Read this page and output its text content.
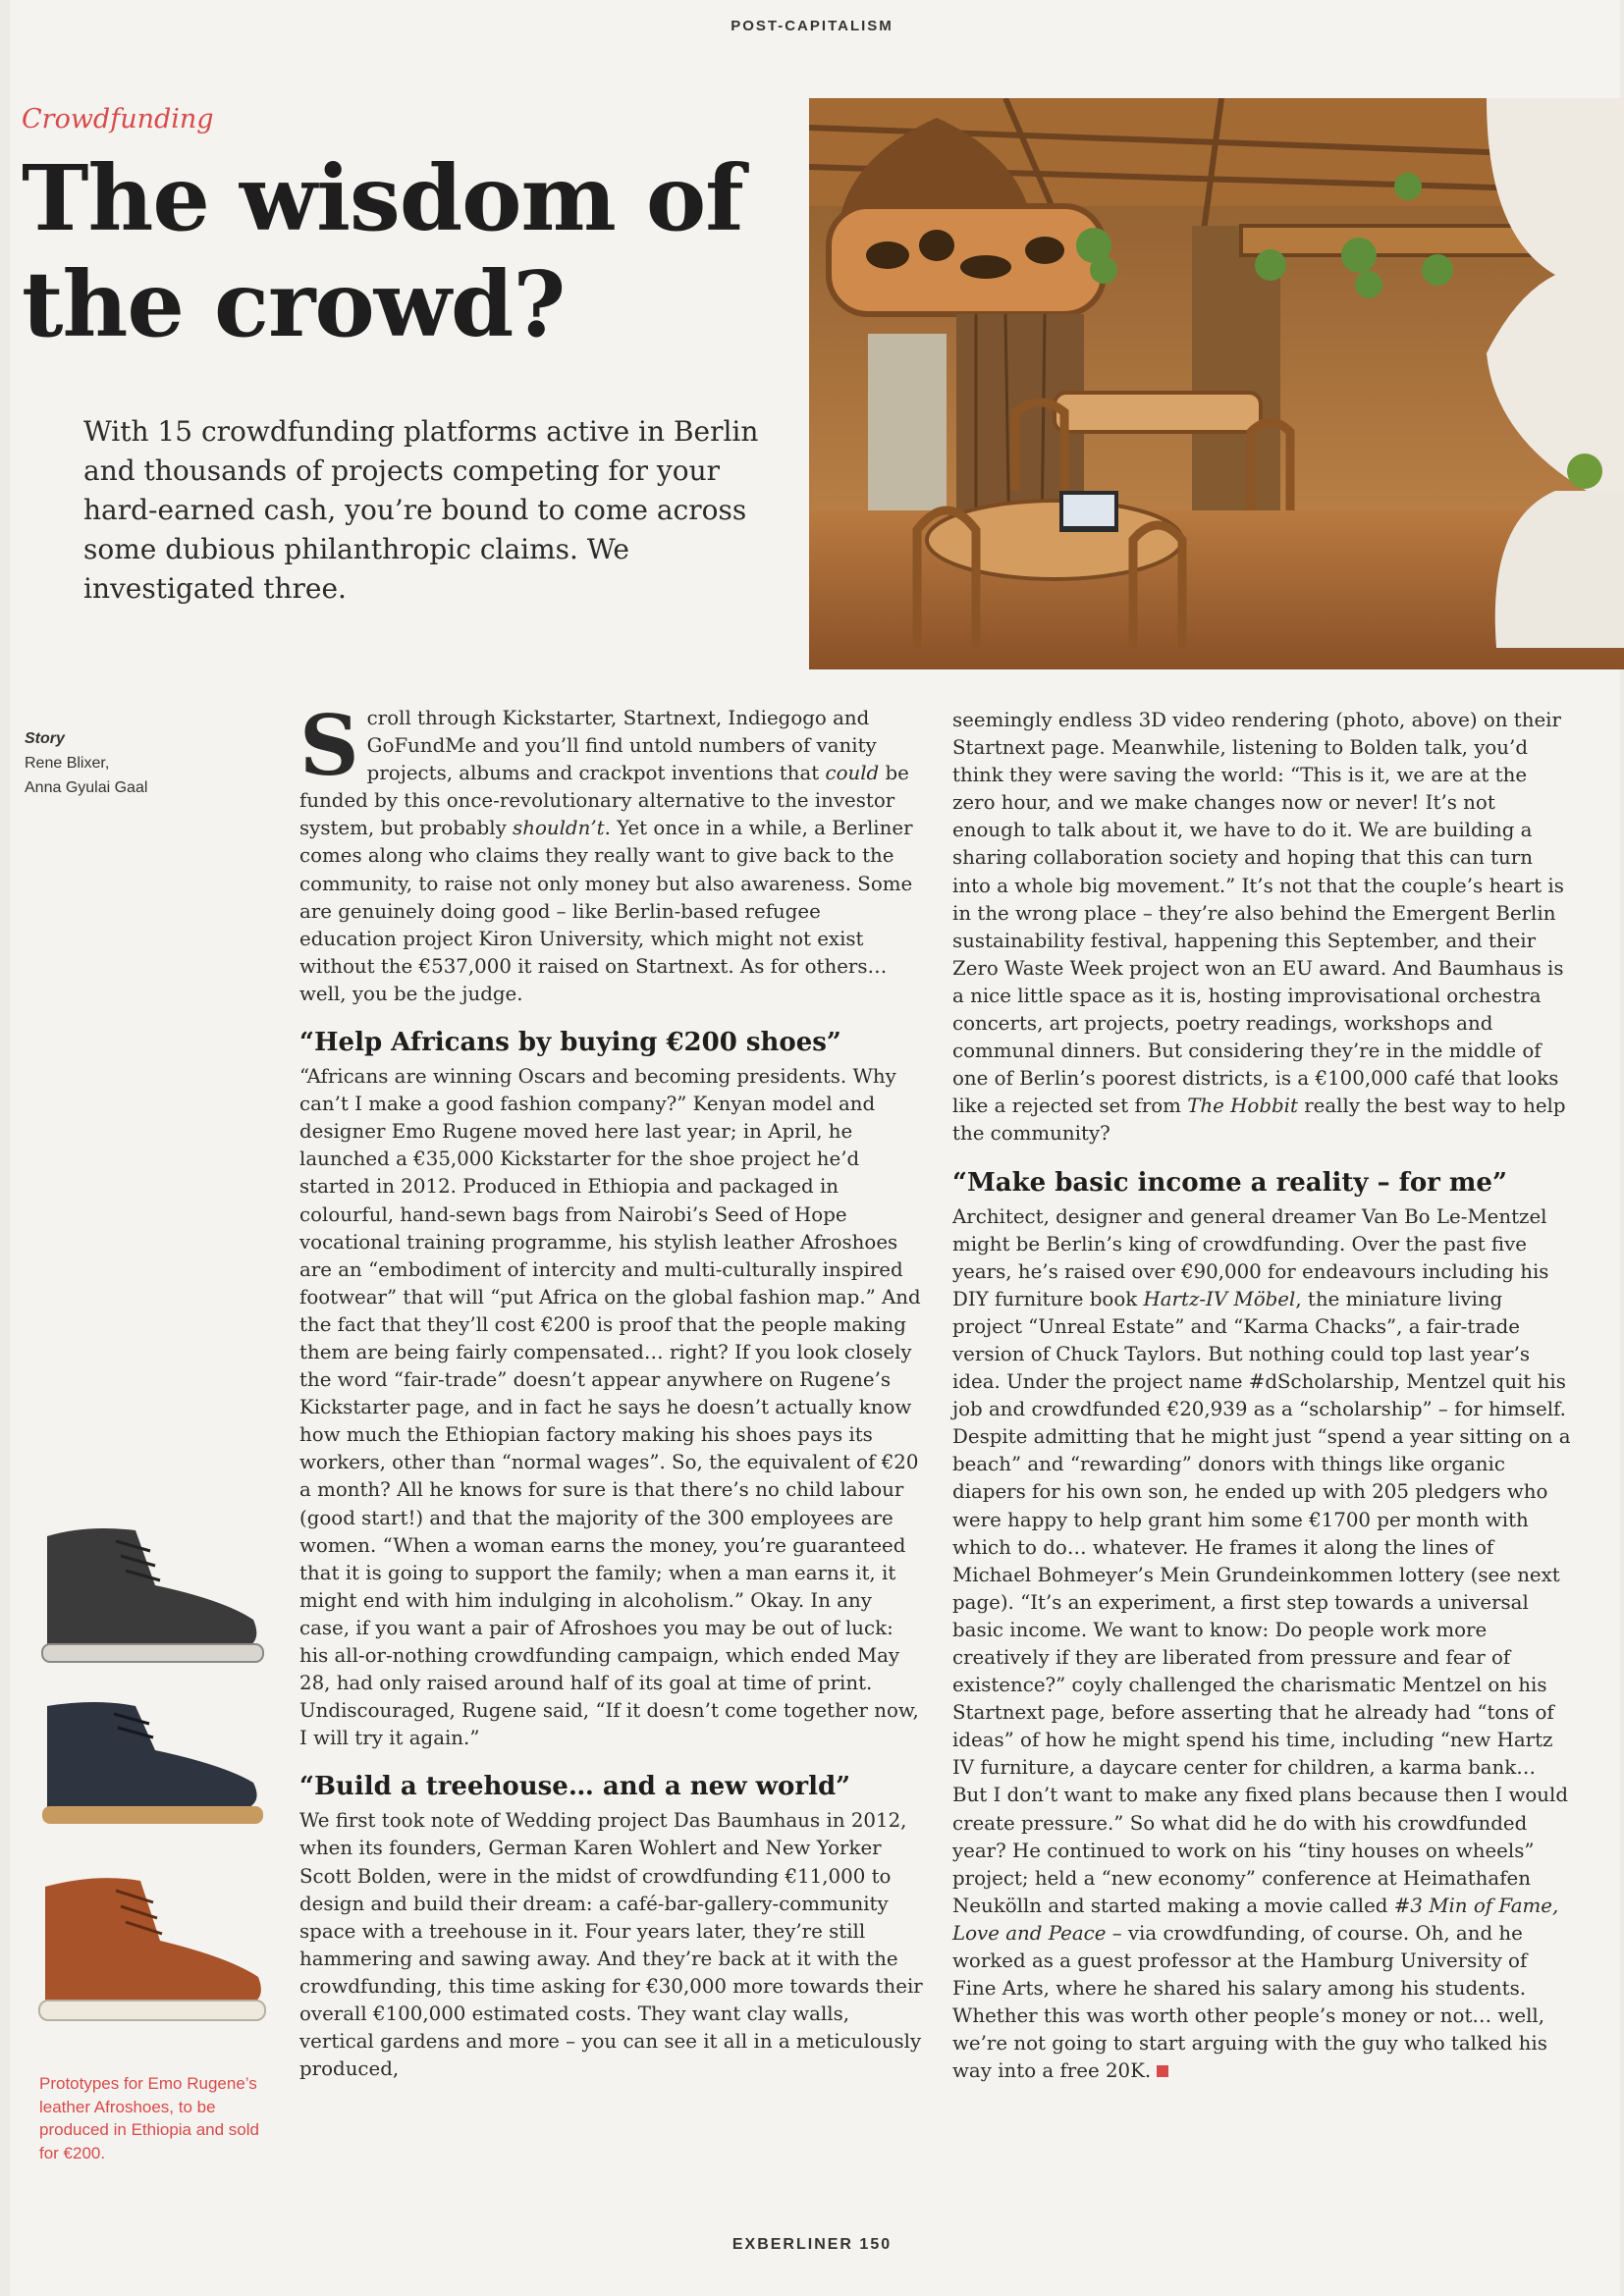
POST-CAPITALISM
Crowdfunding
The wisdom of the crowd?

With 15 crowdfunding platforms active in Berlin and thousands of projects competing for your hard-earned cash, you’re bound to come across some dubious philanthropic claims. We investigated three.

Story
Rene Blixer,
Anna Gyulai Gaal	Scroll through Kickstarter, Startnext, Indiegogo and GoFundMe and you’ll find untold numbers of vanity projects, albums and crackpot inventions that could be funded by this once-revolutionary alternative to the investor system, but probably shouldn’t. Yet once in a while, a Berliner comes along who claims they really want to give back to the community, to raise not only money but also awareness. Some are genuinely doing good – like Berlin-based refugee education project Kiron University, which might not exist without the €537,000 it raised on Startnext. As for others… well, you be the judge.

“Help Africans by buying €200 shoes”

“Africans are winning Oscars and becoming presidents. Why can’t I make a good fashion company?” Kenyan model and designer Emo Rugene moved here last year; in April, he launched a €35,000 Kickstarter for the shoe project he’d started in 2012. Produced in Ethiopia and packaged in colourful, hand-sewn bags from Nairobi’s Seed of Hope vocational training programme, his stylish leather Afroshoes are an “embodiment of intercity and multi-culturally inspired footwear” that will “put Africa on the global fashion map.” And the fact that they’ll cost €200 is proof that the people making them are being fairly compensated… right? If you look closely the word “fair-trade” doesn’t appear anywhere on Rugene’s Kickstarter page, and in fact he says he doesn’t actually know how much the Ethiopian factory making his shoes pays its workers, other than “normal wages”. So, the equivalent of €20 a month? All he knows for sure is that there’s no child labour (good start!) and that the majority of the 300 employees are women. “When a woman earns the money, you’re guaranteed that it is going to support the family; when a man earns it, it might end with him indulging in alcoholism.” Okay. In any case, if you want a pair of Afroshoes you may be out of luck: his all-or-nothing crowdfunding campaign, which ended May 28, had only raised around half of its goal at time of print. Undiscouraged, Rugene said, “If it doesn’t come together now, I will try it again.”

“Build a treehouse… and a new world”

We first took note of Wedding project Das Baumhaus in 2012, when its founders, German Karen Wohlert and New Yorker Scott Bolden, were in the midst of crowdfunding €11,000 to design and build their dream: a café-bar-gallery-community space with a treehouse in it. Four years later, they’re still hammering and sawing away. And they’re back at it with the crowdfunding, this time asking for €30,000 more towards their overall €100,000 estimated costs. They want clay walls, vertical gardens and more – you can see it all in a meticulously produced,

seemingly endless 3D video rendering (photo, above) on their Startnext page. Meanwhile, listening to Bolden talk, you’d think they were saving the world: “This is it, we are at the zero hour, and we make changes now or never! It’s not enough to talk about it, we have to do it. We are building a sharing collaboration society and hoping that this can turn into a whole big movement.” It’s not that the couple’s heart is in the wrong place – they’re also behind the Emergent Berlin sustainability festival, happening this September, and their Zero Waste Week project won an EU award. And Baumhaus is a nice little space as it is, hosting improvisational orchestra concerts, art projects, poetry readings, workshops and communal dinners. But considering they’re in the middle of one of Berlin’s poorest districts, is a €100,000 café that looks like a rejected set from The Hobbit really the best way to help the community?

“Make basic income a reality – for me”

Architect, designer and general dreamer Van Bo Le-Mentzel might be Berlin’s king of crowdfunding. Over the past five years, he’s raised over €90,000 for endeavours including his DIY furniture book Hartz-IV Möbel, the miniature living project “Unreal Estate” and “Karma Chacks”, a fair-trade version of Chuck Taylors. But nothing could top last year’s idea. Under the project name #dScholarship, Mentzel quit his job and crowdfunded €20,939 as a “scholarship” – for himself. Despite admitting that he might just “spend a year sitting on a beach” and “rewarding” donors with things like organic diapers for his own son, he ended up with 205 pledgers who were happy to help grant him some €1700 per month with which to do… whatever. He frames it along the lines of Michael Bohmeyer’s Mein Grundeinkommen lottery (see next page). “It’s an experiment, a first step towards a universal basic income. We want to know: Do people work more creatively if they are liberated from pressure and fear of existence?” coyly challenged the charismatic Mentzel on his Startnext page, before asserting that he already had “tons of ideas” of how he might spend his time, including “new Hartz IV furniture, a daycare center for children, a karma bank… But I don’t want to make any fixed plans because then I would create pressure.” So what did he do with his crowdfunded year? He continued to work on his “tiny houses on wheels” project; held a “new economy” conference at Heimathafen Neukölln and started making a movie called #3 Min of Fame, Love and Peace – via crowdfunding, of course. Oh, and he worked as a guest professor at the Hamburg University of Fine Arts, where he shared his salary among his students. Whether this was worth other people’s money or not… well, we’re not going to start arguing with the guy who talked his way into a free 20K.

Prototypes for Emo Rugene’s leather Afroshoes, to be produced in Ethiopia and sold for €200.
EXBERLINER 150
